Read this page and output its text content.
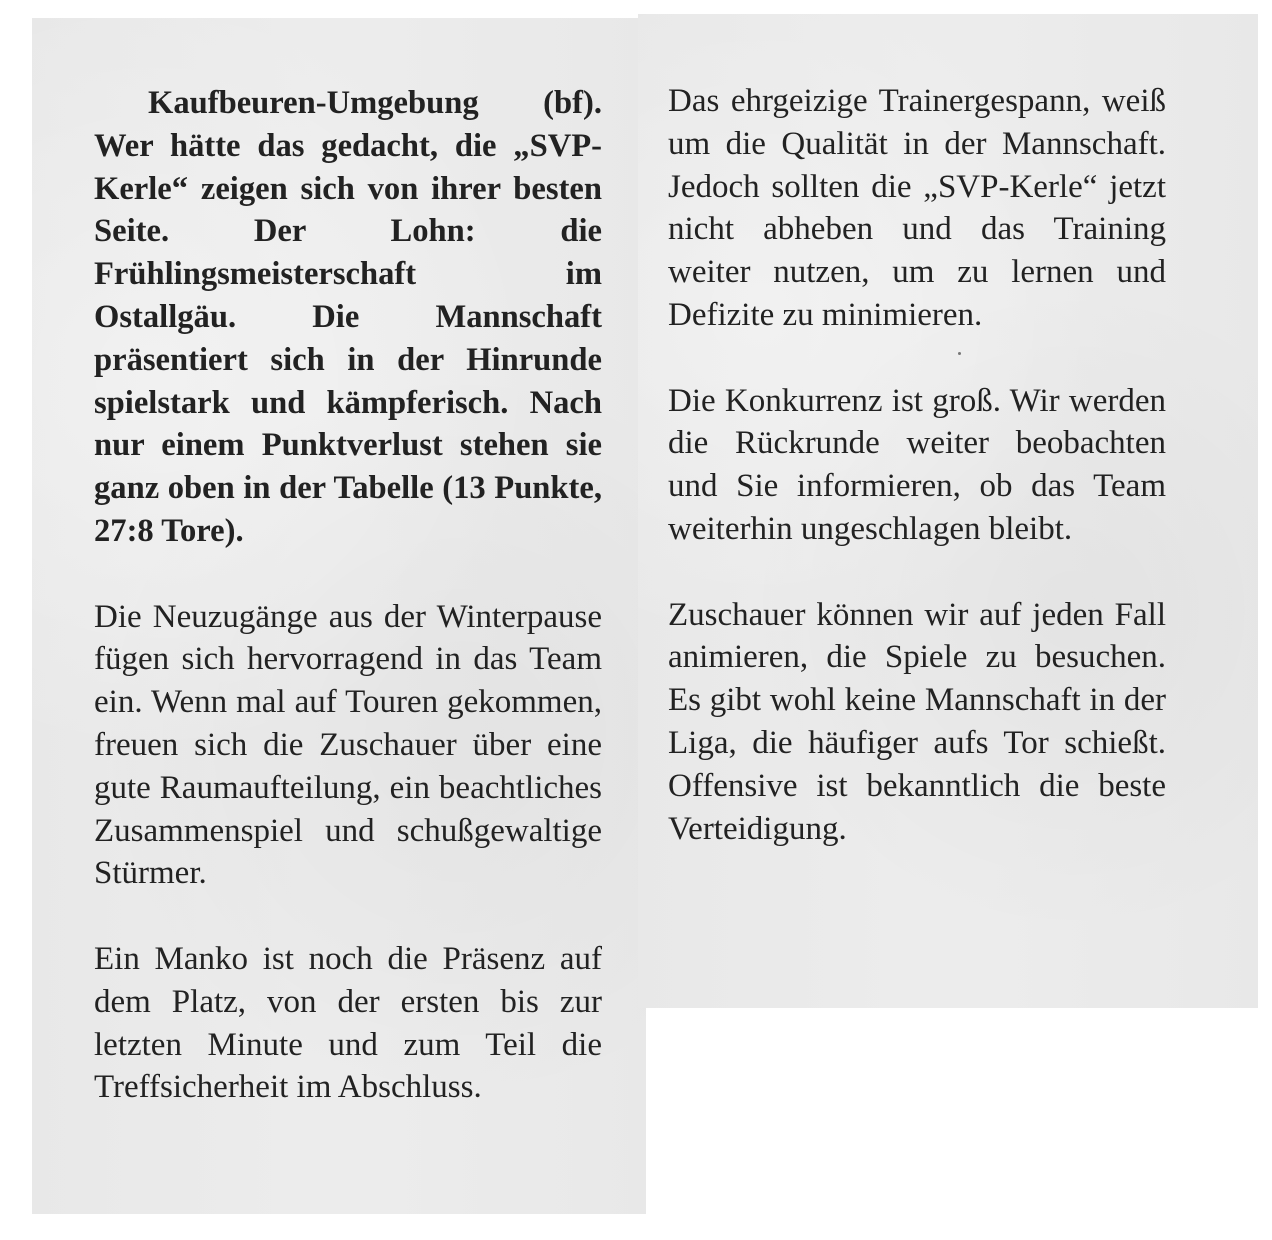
Kaufbeuren-Umgebung (bf). Wer hätte das gedacht, die „SVP-Kerle“ zeigen sich von ihrer besten Seite. Der Lohn: die Frühlingsmeisterschaft im Ostallgäu. Die Mannschaft präsentiert sich in der Hinrunde spielstark und kämpferisch. Nach nur einem Punktverlust stehen sie ganz oben in der Tabelle (13 Punkte, 27:8 Tore).

Die Neuzugänge aus der Winterpause fügen sich hervorragend in das Team ein. Wenn mal auf Touren gekommen, freuen sich die Zuschauer über eine gute Raumaufteilung, ein beachtliches Zusammenspiel und schußgewaltige Stürmer.

Ein Manko ist noch die Präsenz auf dem Platz, von der ersten bis zur letzten Minute und zum Teil die Treffsicherheit im Abschluss.

Das ehrgeizige Trainergespann, weiß um die Qualität in der Mannschaft. Jedoch sollten die „SVP-Kerle“ jetzt nicht abheben und das Training weiter nutzen, um zu lernen und Defizite zu minimieren.

Die Konkurrenz ist groß. Wir werden die Rückrunde weiter beobachten und Sie informieren, ob das Team weiterhin ungeschlagen bleibt.

Zuschauer können wir auf jeden Fall animieren, die Spiele zu besuchen. Es gibt wohl keine Mannschaft in der Liga, die häufiger aufs Tor schießt. Offensive ist bekanntlich die beste Verteidigung.
